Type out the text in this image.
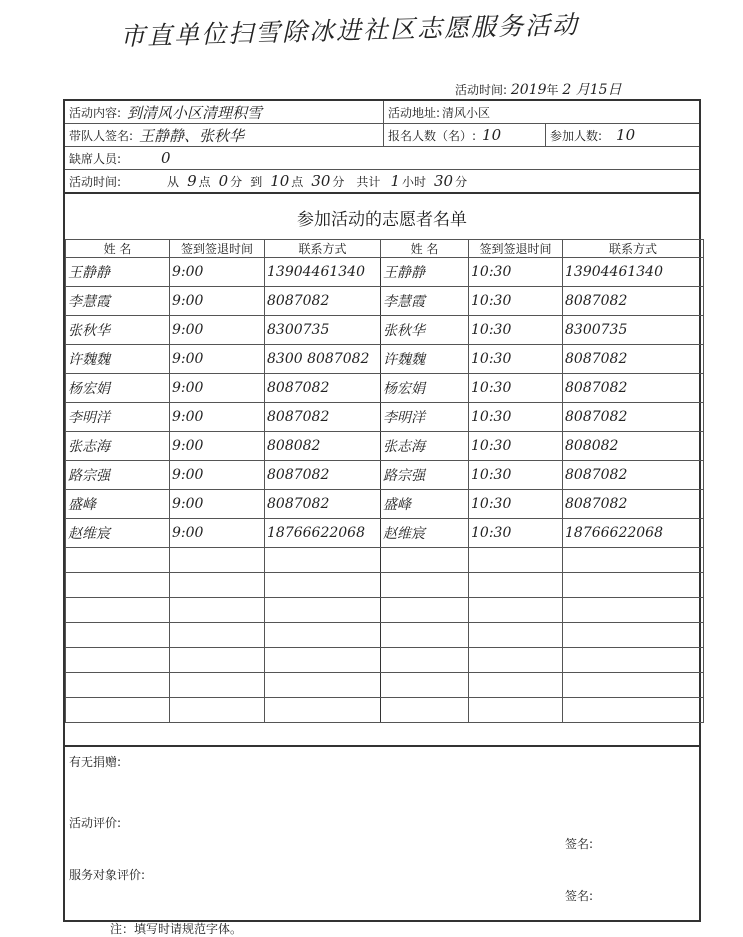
市直单位扫雪除冰进社区志愿服务活动
活动时间: 2019年 2 月15日
活动内容: 到清风小区清理积雪	活动地址: 清风小区
带队人签名: 王静静、张秋华	报名人数（名）: 10	参加人数: 10
缺席人员:	0
活动时间:	从 9 点 0 分 到 10 点 30 分 共计 1 小时 30 分
参加活动的志愿者名单
姓 名	签到签退时间	联系方式	姓 名	签到签退时间	联系方式
王静静	9:00	13904461340	王静静	10:30	13904461340
李慧霞	9:00	8087082	李慧霞	10:30	8087082
张秋华	9:00	8300735	张秋华	10:30	8300735
许魏魏	9:00	8300 8087082	许魏魏	10:30	8087082
杨宏娟	9:00	8087082	杨宏娟	10:30	8087082
李明洋	9:00	8087082	李明洋	10:30	8087082
张志海	9:00	808082	张志海	10:30	808082
路宗强	9:00	8087082	路宗强	10:30	8087082
盛峰	9:00	8087082	盛峰	10:30	8087082
赵维宸	9:00	18766622068	赵维宸	10:30	18766622068

有无捐赠:
活动评价:
签名:
服务对象评价:
签名:
注：填写时请规范字体。
